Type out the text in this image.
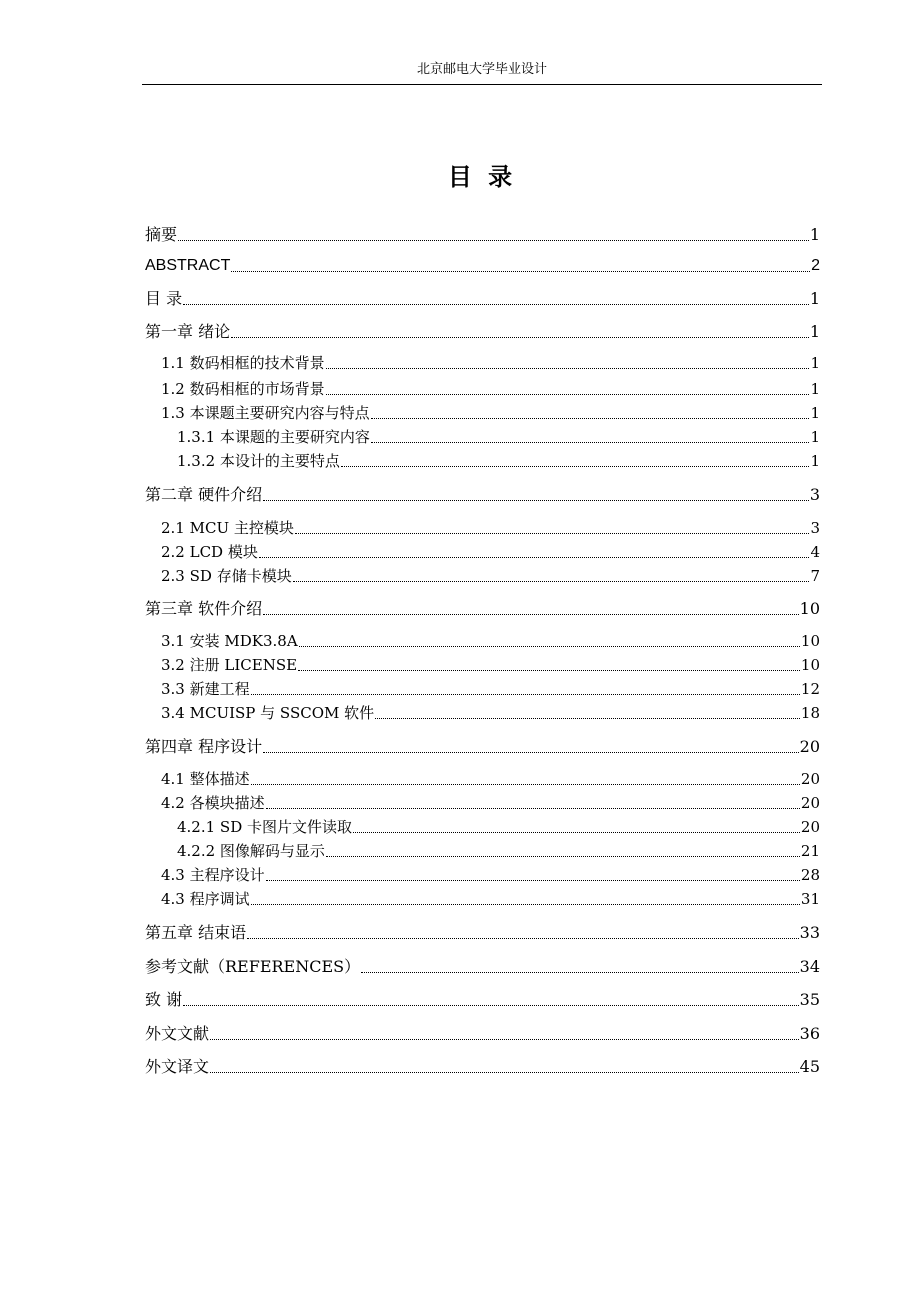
北京邮电大学毕业设计
目 录
摘要	1
ABSTRACT	2
目 录	1
第一章 绪论	1
1.1 数码相框的技术背景	1
1.2 数码相框的市场背景	1
1.3 本课题主要研究内容与特点	1
1.3.1 本课题的主要研究内容	1
1.3.2 本设计的主要特点	1
第二章 硬件介绍	3
2.1 MCU 主控模块	3
2.2 LCD 模块	4
2.3 SD 存储卡模块	7
第三章 软件介绍	10
3.1 安装 MDK3.8A	10
3.2 注册 LICENSE	10
3.3 新建工程	12
3.4 MCUISP 与 SSCOM 软件	18
第四章 程序设计	20
4.1 整体描述	20
4.2 各模块描述	20
4.2.1 SD 卡图片文件读取	20
4.2.2 图像解码与显示	21
4.3 主程序设计	28
4.3 程序调试	31
第五章 结束语	33
参考文献（REFERENCES）	34
致 谢	35
外文文献	36
外文译文	45
